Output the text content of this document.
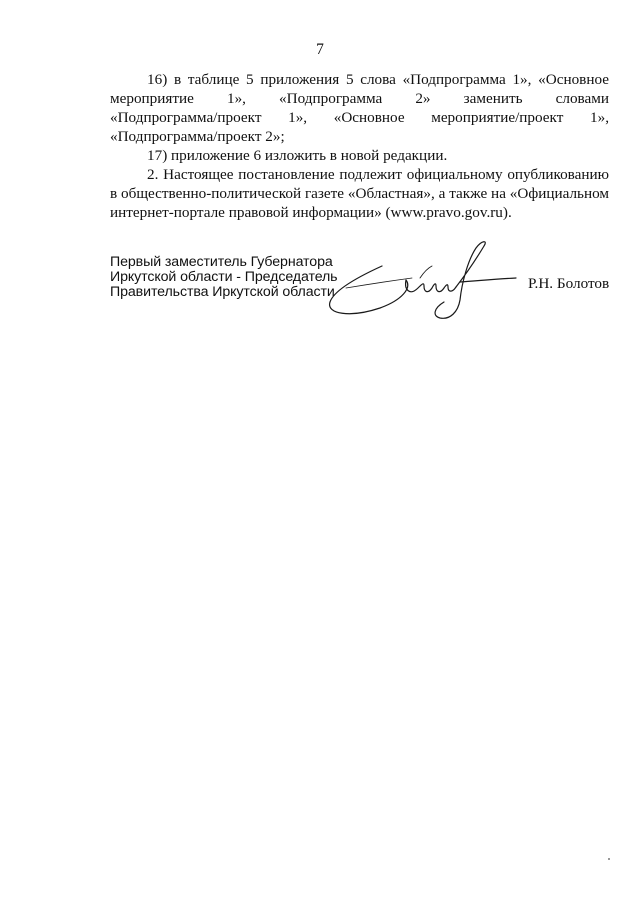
7
16) в таблице 5 приложения 5 слова «Подпрограмма 1», «Основное
мероприятие 1», «Подпрограмма 2» заменить словами
«Подпрограмма/проект 1», «Основное мероприятие/проект 1»,
«Подпрограмма/проект 2»;

17) приложение 6 изложить в новой редакции.

2. Настоящее постановление подлежит официальному опубликованию
в общественно-политической газете «Областная», а также на «Официальном
интернет-портале правовой информации» (www.pravo.gov.ru).
Первый заместитель Губернатора
Иркутской области - Председатель
Правительства Иркутской области	Р.Н. Болотов
